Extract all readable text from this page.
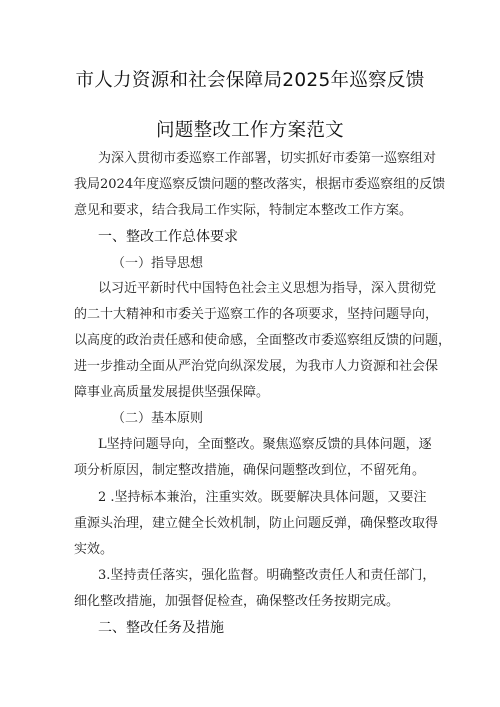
市人力资源和社会保障局2025年巡察反馈
问题整改工作方案范文
为深入贯彻市委巡察工作部署，切实抓好市委第一巡察组对
我局2024年度巡察反馈问题的整改落实，根据市委巡察组的反馈
意见和要求，结合我局工作实际，特制定本整改工作方案。
一、整改工作总体要求
（一）指导思想
以习近平新时代中国特色社会主义思想为指导，深入贯彻党
的二十大精神和市委关于巡察工作的各项要求，坚持问题导向，
以高度的政治责任感和使命感，全面整改市委巡察组反馈的问题，
进一步推动全面从严治党向纵深发展，为我市人力资源和社会保
障事业高质量发展提供坚强保障。
（二）基本原则
L坚持问题导向，全面整改。聚焦巡察反馈的具体问题，逐
项分析原因，制定整改措施，确保问题整改到位，不留死角。
2 .坚持标本兼治，注重实效。既要解决具体问题，又要注
重源头治理，建立健全长效机制，防止问题反弹，确保整改取得
实效。
3.坚持责任落实，强化监督。明确整改责任人和责任部门，
细化整改措施，加强督促检查，确保整改任务按期完成。
二、整改任务及措施
